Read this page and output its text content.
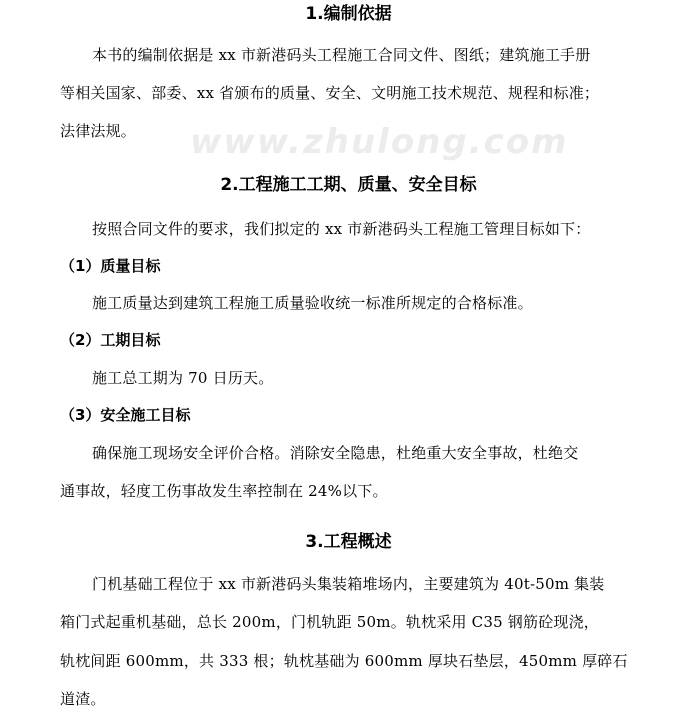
www.zhulong.com
1.编制依据
本书的编制依据是 xx 市新港码头工程施工合同文件、图纸；建筑施工手册
等相关国家、部委、xx 省颁布的质量、安全、文明施工技术规范、规程和标准；
法律法规。
2.工程施工工期、质量、安全目标
按照合同文件的要求，我们拟定的 xx 市新港码头工程施工管理目标如下：
（1）质量目标
施工质量达到建筑工程施工质量验收统一标准所规定的合格标准。
（2）工期目标
施工总工期为 70 日历天。
（3）安全施工目标
确保施工现场安全评价合格。消除安全隐患，杜绝重大安全事故，杜绝交
通事故，轻度工伤事故发生率控制在 24%以下。
3.工程概述
门机基础工程位于 xx 市新港码头集装箱堆场内，主要建筑为 40t-50m 集装
箱门式起重机基础，总长 200m，门机轨距 50m。轨枕采用 C35 钢筋砼现浇，
轨枕间距 600mm，共 333 根；轨枕基础为 600mm 厚块石垫层，450mm 厚碎石
道渣。
